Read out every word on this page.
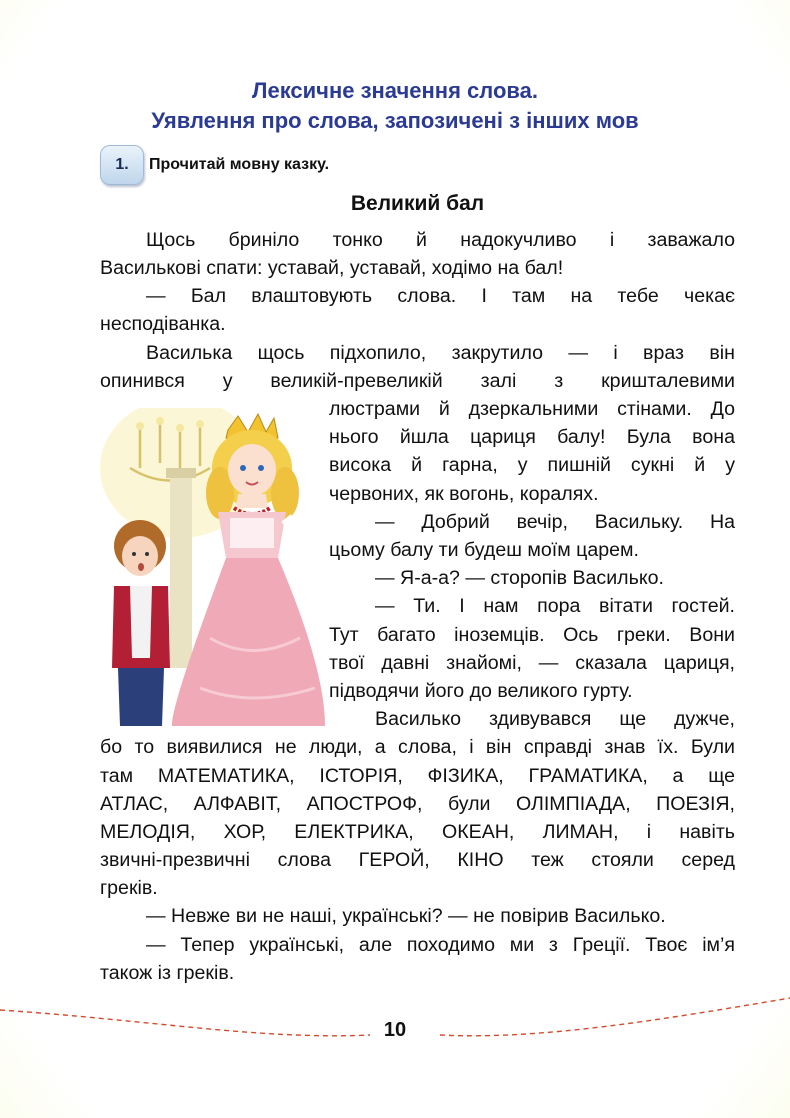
Лексичне значення слова.
Уявлення про слова, запозичені з інших мов
1.	Прочитай мовну казку.
Великий бал
Щось бриніло тонко й надокучливо і заважало
Василькові спати: уставай, уставай, ходімо на бал!
— Бал влаштовують слова. І там на тебе чекає
несподіванка.
Василька щось підхопило, закрутило — і враз він
опинився у великій-превеликій залі з кришталевими
люстрами й дзеркальними стінами. До
нього йшла цариця балу! Була вона
висока й гарна, у пишній сукні й у
червоних, як вогонь, коралях.
— Добрий вечір, Васильку. На
цьому балу ти будеш моїм царем.
— Я-а-а? — сторопів Василько.
— Ти. І нам пора вітати гостей.
Тут багато іноземців. Ось греки. Вони
твої давні знайомі, — сказала цариця,
підводячи його до великого гурту.
Василько здивувався ще дужче,
бо то виявилися не люди, а слова, і він справді знав їх. Були
там МАТЕМАТИКА, ІСТОРІЯ, ФІЗИКА, ГРАМАТИКА, а ще
АТЛАС, АЛФАВІТ, АПОСТРОФ, були ОЛІМПІАДА, ПОЕЗІЯ,
МЕЛОДІЯ, ХОР, ЕЛЕКТРИКА, ОКЕАН, ЛИМАН, і навіть
звичні-презвичні слова ГЕРОЙ, КІНО теж стояли серед
греків.
— Невже ви не наші, українські? — не повірив Василько.
— Тепер українські, але походимо ми з Греції. Твоє ім’я
також із греків.
10
